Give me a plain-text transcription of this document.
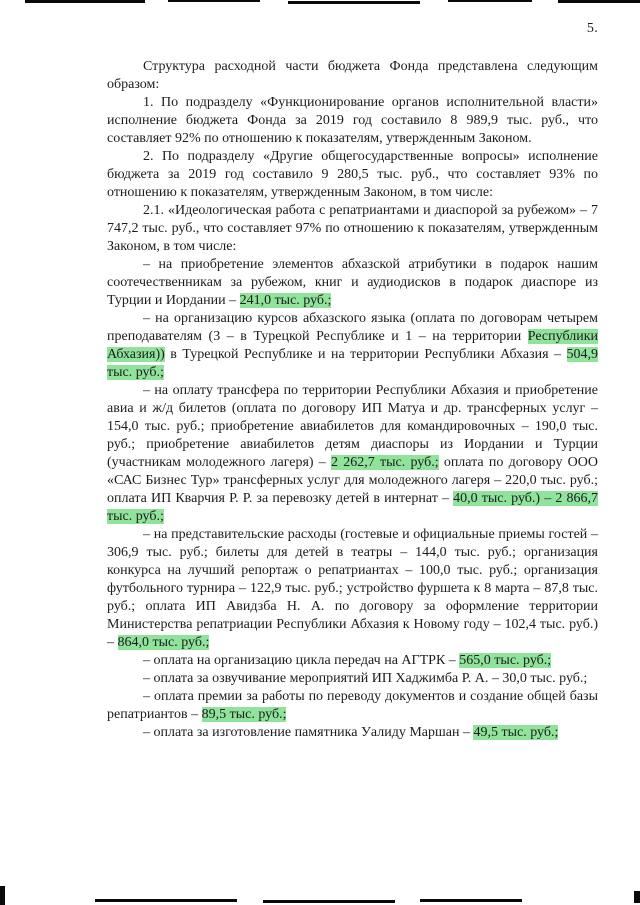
5.

Структура расходной части бюджета Фонда представлена следующим образом:

1. По подразделу «Функционирование органов исполнительной власти» исполнение бюджета Фонда за 2019 год составило 8 989,9 тыс. руб., что составляет 92% по отношению к показателям, утвержденным Законом.

2. По подразделу «Другие общегосударственные вопросы» исполнение бюджета за 2019 год составило 9 280,5 тыс. руб., что составляет 93% по отношению к показателям, утвержденным Законом, в том числе:

2.1. «Идеологическая работа с репатриантами и диаспорой за рубежом» – 7 747,2 тыс. руб., что составляет 97% по отношению к показателям, утвержденным Законом, в том числе:

– на приобретение элементов абхазской атрибутики в подарок нашим соотечественникам за рубежом, книг и аудиодисков в подарок диаспоре из Турции и Иордании – 241,0 тыс. руб.;

– на организацию курсов абхазского языка (оплата по договорам четырем преподавателям (3 – в Турецкой Республике и 1 – на территории Республики Абхазия)) в Турецкой Республике и на территории Республики Абхазия – 504,9 тыс. руб.;

– на оплату трансфера по территории Республики Абхазия и приобретение авиа и ж/д билетов (оплата по договору ИП Матуа и др. трансферных услуг – 154,0 тыс. руб.; приобретение авиабилетов для командировочных – 190,0 тыс. руб.; приобретение авиабилетов детям диаспоры из Иордании и Турции (участникам молодежного лагеря) – 2 262,7 тыс. руб.; оплата по договору ООО «САС Бизнес Тур» трансферных услуг для молодежного лагеря – 220,0 тыс. руб.; оплата ИП Кварчия Р. Р. за перевозку детей в интернат – 40,0 тыс. руб.) – 2 866,7 тыс. руб.;

– на представительские расходы (гостевые и официальные приемы гостей – 306,9 тыс. руб.; билеты для детей в театры – 144,0 тыс. руб.; организация конкурса на лучший репортаж о репатриантах – 100,0 тыс. руб.; организация футбольного турнира – 122,9 тыс. руб.; устройство фуршета к 8 марта – 87,8 тыс. руб.; оплата ИП Авидзба Н. А. по договору за оформление территории Министерства репатриации Республики Абхазия к Новому году – 102,4 тыс. руб.) – 864,0 тыс. руб.;

– оплата на организацию цикла передач на АГТРК – 565,0 тыс. руб.;

– оплата за озвучивание мероприятий ИП Хаджимба Р. А. – 30,0 тыс. руб.;

– оплата премии за работы по переводу документов и создание общей базы репатриантов – 89,5 тыс. руб.;

– оплата за изготовление памятника Уалиду Маршан – 49,5 тыс. руб.;
